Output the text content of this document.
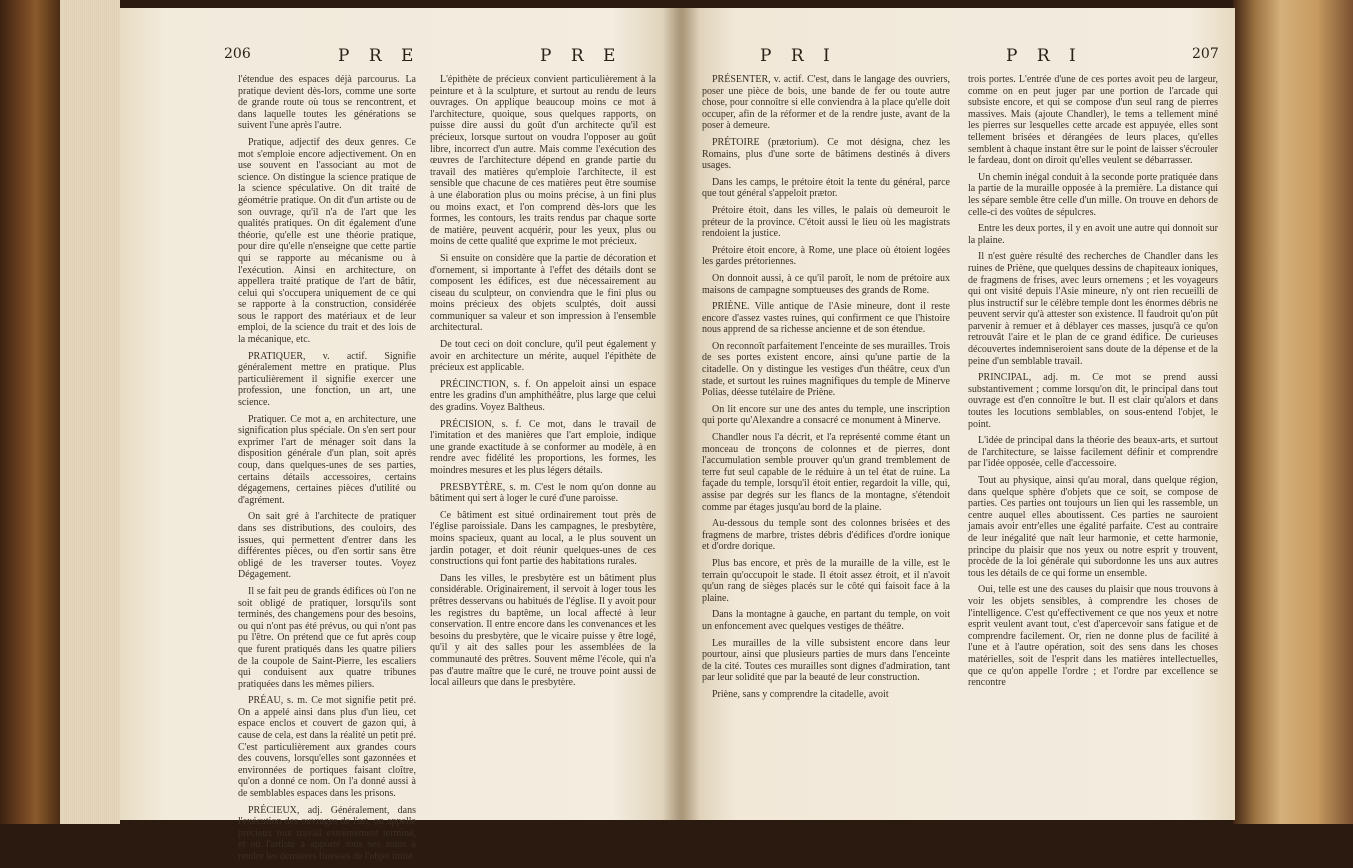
206	P R E	P R E

l'étendue des espaces déjà parcourus. La pratique devient dès-lors, comme une sorte de grande route où tous se rencontrent, et dans laquelle toutes les générations se suivent l'une après l'autre.

Pratique, adjectif des deux genres. Ce mot s'emploie encore adjectivement. On en use souvent en l'associant au mot de science. On distingue la science pratique de la science spéculative. On dit traité de géométrie pratique. On dit d'un artiste ou de son ouvrage, qu'il n'a de l'art que les qualités pratiques. On dit également d'une théorie, qu'elle est une théorie pratique, pour dire qu'elle n'enseigne que cette partie qui se rapporte au mécanisme ou à l'exécution. Ainsi en architecture, on appellera traité pratique de l'art de bâtir, celui qui s'occupera uniquement de ce qui se rapporte à la construction, considérée sous le rapport des matériaux et de leur emploi, de la science du trait et des lois de la mécanique, etc.

PRATIQUER, v. actif. Signifie généralement mettre en pratique. Plus particulièrement il signifie exercer une profession, une fonction, un art, une science.

Pratiquer. Ce mot a, en architecture, une signification plus spéciale. On s'en sert pour exprimer l'art de ménager soit dans la disposition générale d'un plan, soit après coup, dans quelques-unes de ses parties, certains détails accessoires, certains dégagemens, certaines pièces d'utilité ou d'agrément.

On sait gré à l'architecte de pratiquer dans ses distributions, des couloirs, des issues, qui permettent d'entrer dans les différentes pièces, ou d'en sortir sans être obligé de les traverser toutes. Voyez Dégagement.

Il se fait peu de grands édifices où l'on ne soit obligé de pratiquer, lorsqu'ils sont terminés, des changemens pour des besoins, ou qui n'ont pas été prévus, ou qui n'ont pas pu l'être. On prétend que ce fut après coup que furent pratiqués dans les quatre piliers de la coupole de Saint-Pierre, les escaliers qui conduisent aux quatre tribunes pratiquées dans les mêmes piliers.

PRÉAU, s. m. Ce mot signifie petit pré. On a appelé ainsi dans plus d'un lieu, cet espace enclos et couvert de gazon qui, à cause de cela, est dans la réalité un petit pré. C'est particulièrement aux grandes cours des couvens, lorsqu'elles sont gazonnées et environnées de portiques faisant cloître, qu'on a donné ce nom. On l'a donné aussi à de semblables espaces dans les prisons.

PRÉCIEUX, adj. Généralement, dans l'exécution des ouvrages de l'art, on appelle précieux tout travail extrêmement terminé, et où l'artiste a apporté tous ses soins à rendre les dernières finesses de l'objet imité.

L'épithète de précieux convient particulièrement à la peinture et à la sculpture, et surtout au rendu de leurs ouvrages. On applique beaucoup moins ce mot à l'architecture, quoique, sous quelques rapports, on puisse dire aussi du goût d'un architecte qu'il est précieux, lorsque surtout on voudra l'opposer au goût libre, incorrect d'un autre. Mais comme l'exécution des œuvres de l'architecture dépend en grande partie du travail des matières qu'emploie l'architecte, il est sensible que chacune de ces matières peut être soumise à une élaboration plus ou moins précise, à un fini plus ou moins exact, et l'on comprend dès-lors que les formes, les contours, les traits rendus par chaque sorte de matière, peuvent acquérir, pour les yeux, plus ou moins de cette qualité que exprime le mot précieux.

Si ensuite on considère que la partie de décoration et d'ornement, si importante à l'effet des détails dont se composent les édifices, est due nécessairement au ciseau du sculpteur, on conviendra que le fini plus ou moins précieux des objets sculptés, doit aussi communiquer sa valeur et son impression à l'ensemble architectural.

De tout ceci on doit conclure, qu'il peut également y avoir en architecture un mérite, auquel l'épithète de précieux est applicable.

PRÉCINCTION, s. f. On appeloit ainsi un espace entre les gradins d'un amphithéâtre, plus large que celui des gradins. Voyez Baltheus.

PRÉCISION, s. f. Ce mot, dans le travail de l'imitation et des manières que l'art emploie, indique une grande exactitude à se conformer au modèle, à en rendre avec fidélité les proportions, les formes, les moindres mesures et les plus légers détails.

PRESBYTÈRE, s. m. C'est le nom qu'on donne au bâtiment qui sert à loger le curé d'une paroisse.

Ce bâtiment est situé ordinairement tout près de l'église paroissiale. Dans les campagnes, le presbytère, moins spacieux, quant au local, a le plus souvent un jardin potager, et doit réunir quelques-unes de ces constructions qui font partie des habitations rurales.

Dans les villes, le presbytère est un bâtiment plus considérable. Originairement, il servoit à loger tous les prêtres desservans ou habitués de l'église. Il y avoit pour les registres du baptême, un local affecté à leur conservation. Il entre encore dans les convenances et les besoins du presbytère, que le vicaire puisse y être logé, qu'il y ait des salles pour les assemblées de la communauté des prêtres. Souvent même l'école, qui n'a pas d'autre maître que le curé, ne trouve point aussi de local ailleurs que dans le presbytère.

P R I	P R I	207

PRÉSENTER, v. actif. C'est, dans le langage des ouvriers, poser une pièce de bois, une bande de fer ou toute autre chose, pour connoître si elle conviendra à la place qu'elle doit occuper, afin de la réformer et de la rendre juste, avant de la poser à demeure.

PRÉTOIRE (prætorium). Ce mot désigna, chez les Romains, plus d'une sorte de bâtimens destinés à divers usages.

Dans les camps, le prétoire étoit la tente du général, parce que tout général s'appeloit prætor.

Prétoire étoit, dans les villes, le palais où demeuroit le préteur de la province. C'étoit aussi le lieu où les magistrats rendoient la justice.

Prétoire étoit encore, à Rome, une place où étoient logées les gardes prétoriennes.

On donnoit aussi, à ce qu'il paroît, le nom de prétoire aux maisons de campagne somptueuses des grands de Rome.

PRIÈNE. Ville antique de l'Asie mineure, dont il reste encore d'assez vastes ruines, qui confirment ce que l'histoire nous apprend de sa richesse ancienne et de son étendue.

On reconnoît parfaitement l'enceinte de ses murailles. Trois de ses portes existent encore, ainsi qu'une partie de la citadelle. On y distingue les vestiges d'un théâtre, ceux d'un stade, et surtout les ruines magnifiques du temple de Minerve Polias, déesse tutélaire de Priène.

On lit encore sur une des antes du temple, une inscription qui porte qu'Alexandre a consacré ce monument à Minerve.

Chandler nous l'a décrit, et l'a représenté comme étant un monceau de tronçons de colonnes et de pierres, dont l'accumulation semble prouver qu'un grand tremblement de terre fut seul capable de le réduire à un tel état de ruine. La façade du temple, lorsqu'il étoit entier, regardoit la ville, qui, assise par degrés sur les flancs de la montagne, s'étendoit comme par étages jusqu'au bord de la plaine.

Au-dessous du temple sont des colonnes brisées et des fragmens de marbre, tristes débris d'édifices d'ordre ionique et d'ordre dorique.

Plus bas encore, et près de la muraille de la ville, est le terrain qu'occupoit le stade. Il étoit assez étroit, et il n'avoit qu'un rang de sièges placés sur le côté qui faisoit face à la plaine.

Dans la montagne à gauche, en partant du temple, on voit un enfoncement avec quelques vestiges de théâtre.

Les murailles de la ville subsistent encore dans leur pourtour, ainsi que plusieurs parties de murs dans l'enceinte de la cité. Toutes ces murailles sont dignes d'admiration, tant par leur solidité que par la beauté de leur construction.

Priène, sans y comprendre la citadelle, avoit

trois portes. L'entrée d'une de ces portes avoit peu de largeur, comme on en peut juger par une portion de l'arcade qui subsiste encore, et qui se compose d'un seul rang de pierres massives. Mais (ajoute Chandler), le tems a tellement miné les pierres sur lesquelles cette arcade est appuyée, elles sont tellement brisées et dérangées de leurs places, qu'elles semblent à chaque instant être sur le point de laisser s'écrouler le fardeau, dont on diroit qu'elles veulent se débarrasser.

Un chemin inégal conduit à la seconde porte pratiquée dans la partie de la muraille opposée à la première. La distance qui les sépare semble être celle d'un mille. On trouve en dehors de celle-ci des voûtes de sépulcres.

Entre les deux portes, il y en avoit une autre qui donnoit sur la plaine.

Il n'est guère résulté des recherches de Chandler dans les ruines de Priène, que quelques dessins de chapiteaux ioniques, de fragmens de frises, avec leurs ornemens ; et les voyageurs qui ont visité depuis l'Asie mineure, n'y ont rien recueilli de plus instructif sur le célèbre temple dont les énormes débris ne peuvent servir qu'à attester son existence. Il faudroit qu'on pût parvenir à remuer et à déblayer ces masses, jusqu'à ce qu'on retrouvât l'aire et le plan de ce grand édifice. De curieuses découvertes indemniseroient sans doute de la dépense et de la peine d'un semblable travail.

PRINCIPAL, adj. m. Ce mot se prend aussi substantivement ; comme lorsqu'on dit, le principal dans tout ouvrage est d'en connoître le but. Il est clair qu'alors et dans toutes les locutions semblables, on sous-entend l'objet, le point.

L'idée de principal dans la théorie des beaux-arts, et surtout de l'architecture, se laisse facilement définir et comprendre par l'idée opposée, celle d'accessoire.

Tout au physique, ainsi qu'au moral, dans quelque région, dans quelque sphère d'objets que ce soit, se compose de parties. Ces parties ont toujours un lien qui les rassemble, un centre auquel elles aboutissent. Ces parties ne sauroient jamais avoir entr'elles une égalité parfaite. C'est au contraire de leur inégalité que naît leur harmonie, et cette harmonie, principe du plaisir que nos yeux ou notre esprit y trouvent, procède de la loi générale qui subordonne les uns aux autres tous les détails de ce qui forme un ensemble.

Oui, telle est une des causes du plaisir que nous trouvons à voir les objets sensibles, à comprendre les choses de l'intelligence. C'est qu'effectivement ce que nos yeux et notre esprit veulent avant tout, c'est d'apercevoir sans fatigue et de comprendre facilement. Or, rien ne donne plus de facilité à l'une et à l'autre opération, soit des sens dans les choses matérielles, soit de l'esprit dans les matières intellectuelles, que ce qu'on appelle l'ordre ; et l'ordre par excellence se rencontre
